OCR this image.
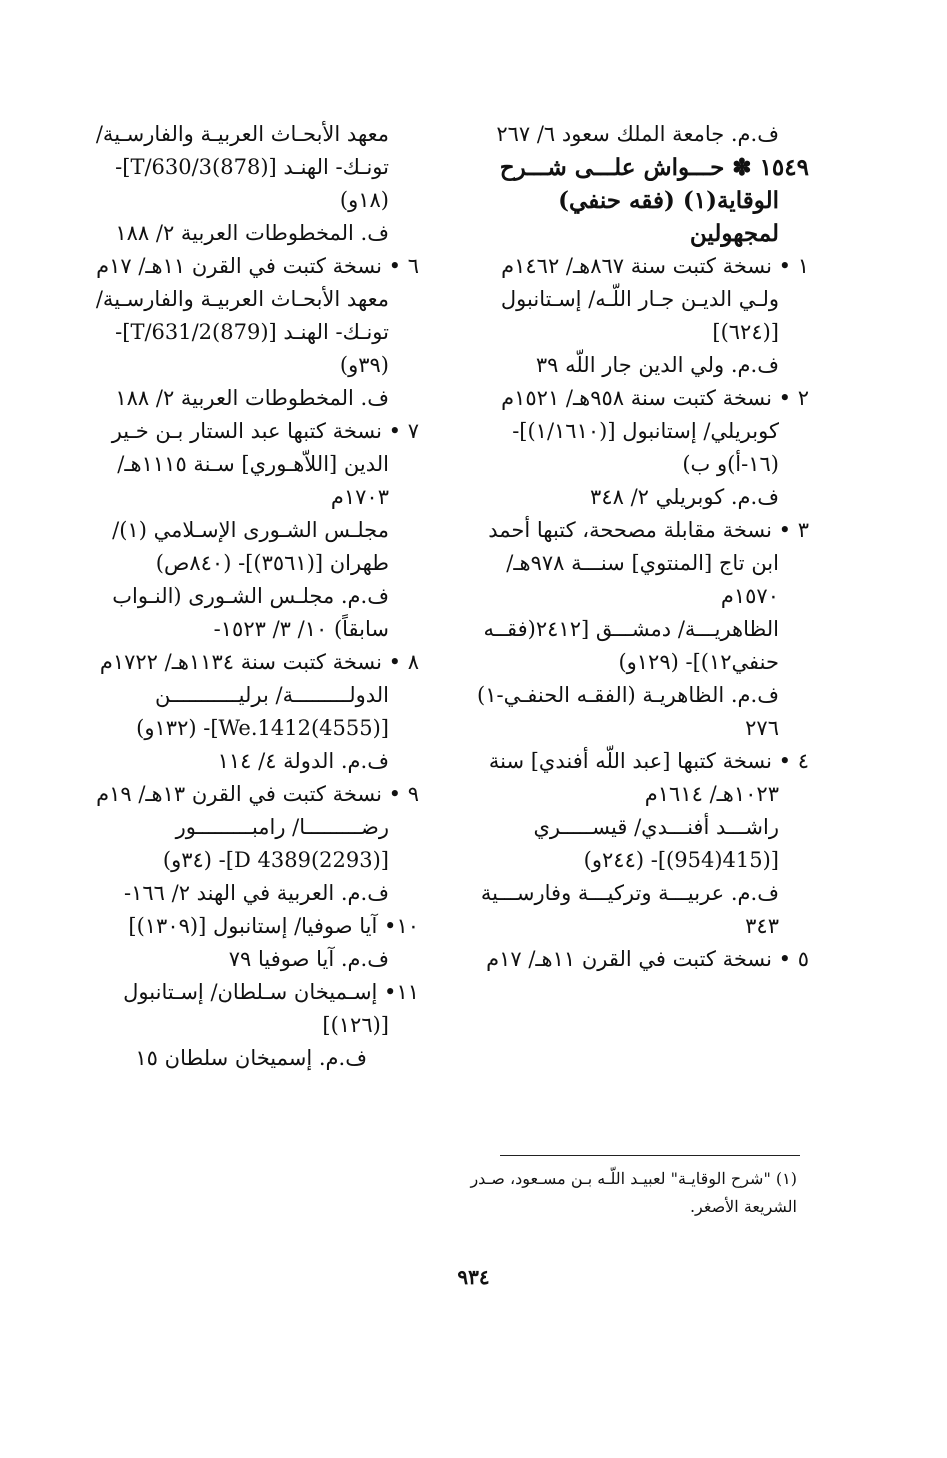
ف.م. جامعة الملك سعود ٦/ ٢٦٧
١٥٤٩ ✽ حـــواش علـــى شـــرح
الوقاية(١) (فقه حنفي)
لمجهولين
١ • نسخة كتبت سنة ٨٦٧هـ/ ١٤٦٢م
ولـي الديـن جـار اللّـه/ إسـتانبول
[(٦٢٤)]
ف.م. ولي الدين جار اللّه ٣٩
٢ • نسخة كتبت سنة ٩٥٨هـ/ ١٥٢١م
كوبريلي/ إستانبول [(١/١٦١٠)]-
(١٦-أ)و ب)
ف.م. كوبريلي ٢/ ٣٤٨
٣ • نسخة مقابلة مصححة، كتبها أحمد
ابن تاج [المنتوي] سنـــة ٩٧٨هـ/
١٥٧٠م
الظاهريـــة/ دمشـــق [٢٤١٢(فقــه
حنفي١٢)]- (١٢٩و)
ف.م. الظاهريـة (الفقـه الحنفـي-١)
٢٧٦
٤ • نسخة كتبها [عبد اللّه أفندي] سنة
١٠٢٣هـ/ ١٦١٤م
راشـــد أفنـــدي/ قيســـــري
[(415(954)]- (٢٤٤و)
ف.م. عربيـــة وتركيـــة وفارســـية
٣٤٣
٥ • نسخة كتبت في القرن ١١هـ/ ١٧م
معهد الأبحـاث العربيـة والفارسـية/
تونـك- الهنـد [(878)T/630/3]-
(١٨و)
ف. المخطوطات العربية ٢/ ١٨٨
٦ • نسخة كتبت في القرن ١١هـ/ ١٧م
معهد الأبحـاث العربيـة والفارسـية/
تونـك- الهنـد [(879)T/631/2]-
(٣٩و)
ف. المخطوطات العربية ٢/ ١٨٨
٧ • نسخة كتبها عبد الستار بـن خـير
الدين [اللاّهـوري] سـنة ١١١٥هـ/
١٧٠٣م
مجلـس الشـورى الإسـلامي (١)/
طهران [(٣٥٦١)]- (٨٤٠ص)
ف.م. مجلـس الشـورى (النـواب
سابقاً) ١٠/ ٣/ ١٥٢٣-
٨ • نسخة كتبت سنة ١١٣٤هـ/ ١٧٢٢م
الدولـــــــــة/ برليـــــــــــن
[(4555)We.1412]- (١٣٢و)
ف.م. الدولة ٤/ ١١٤
٩ • نسخة كتبت في القرن ١٣هـ/ ١٩م
رضـــــــــا/ رامبـــــــــور
[(2293)4389 D]- (٣٤و)
ف.م. العربية في الهند ٢/ ١٦٦-
١٠• آيا صوفيا/ إستانبول [(١٣٠٩)]
ف.م. آيا صوفيا ٧٩
١١• إسـميخان سـلطان/ إسـتانبول
[(١٢٦)]
ف.م. إسميخان سلطان ١٥
(١) "شرح الوقايـة" لعبيـد اللّـه بـن مسـعود، صـدر
الشريعة الأصغر.
٩٣٤
